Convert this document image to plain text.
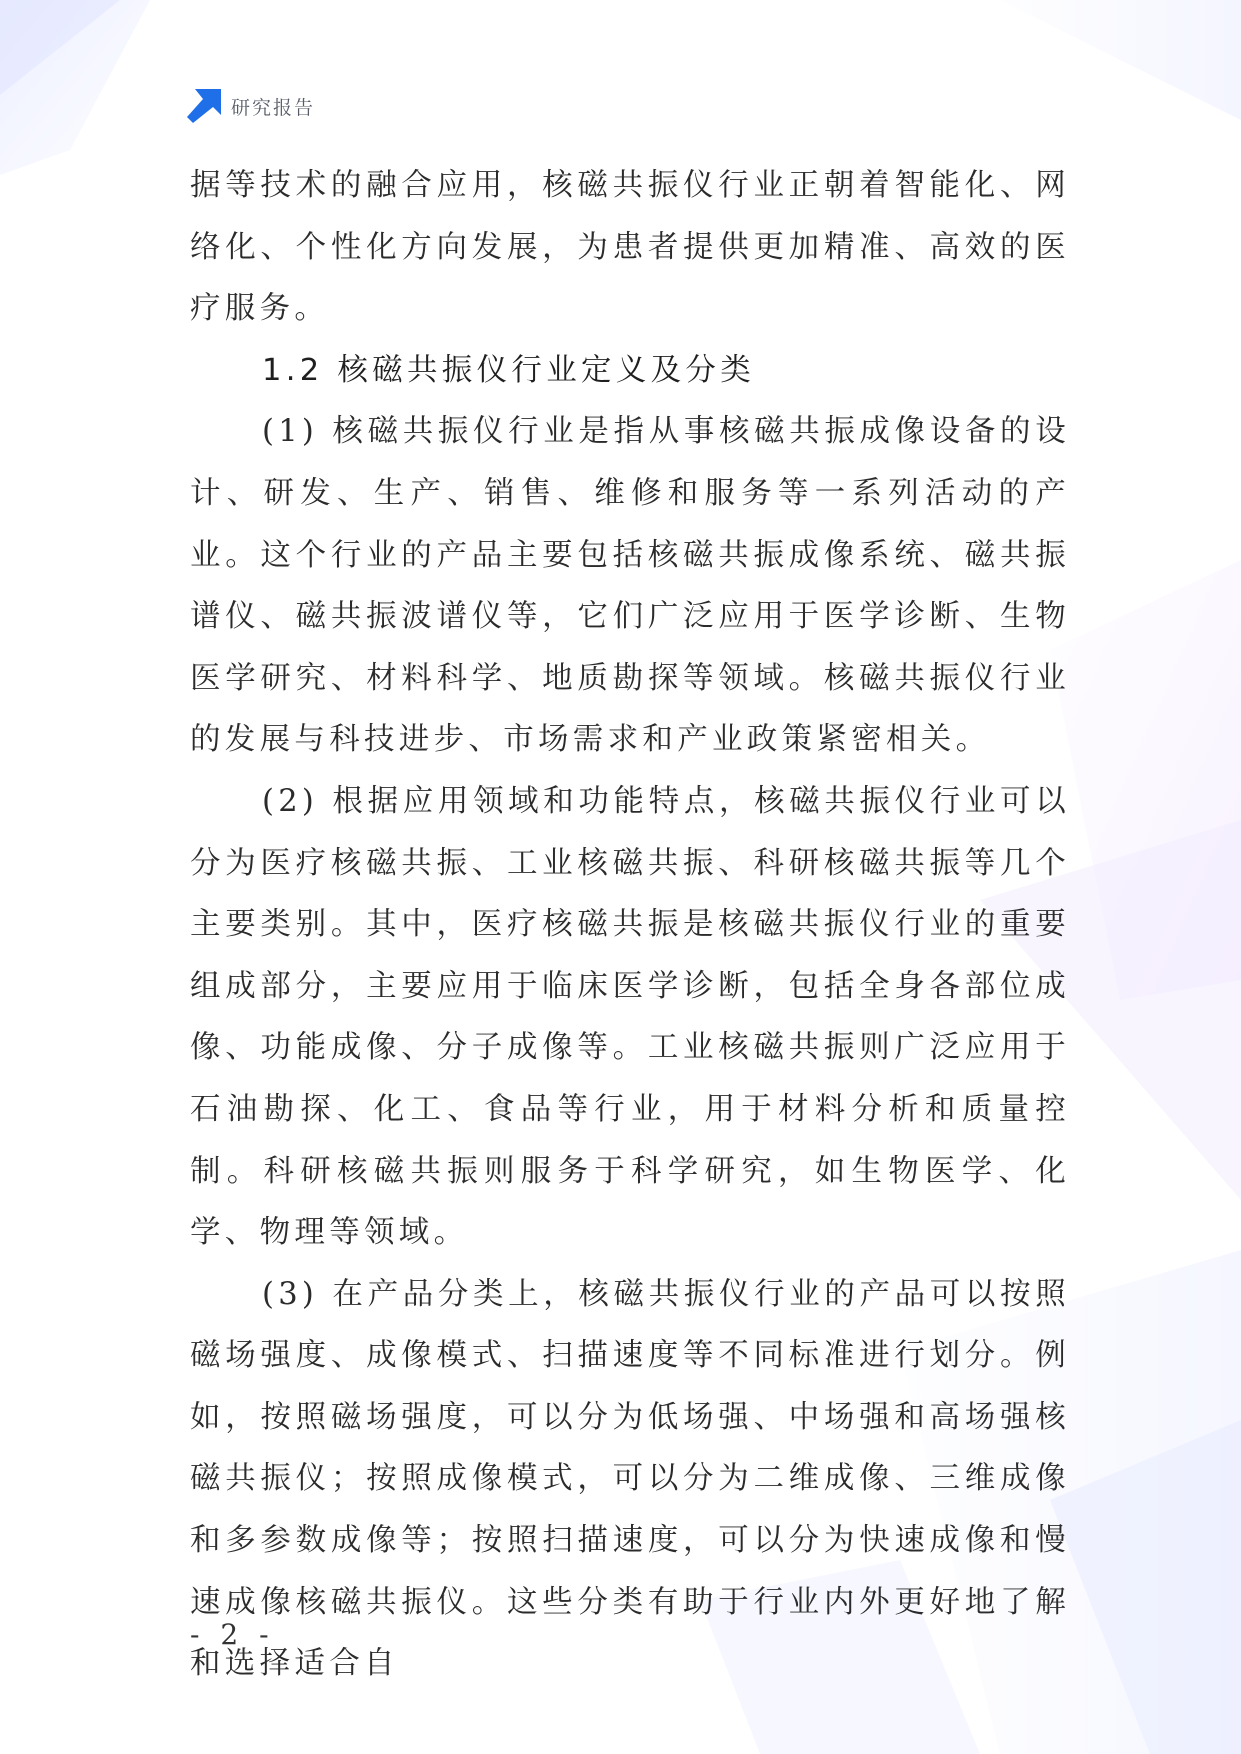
研究报告

据等技术的融合应用，核磁共振仪行业正朝着智能化、网络化、个性化方向发展，为患者提供更加精准、高效的医疗服务。

1.2 核磁共振仪行业定义及分类

(1) 核磁共振仪行业是指从事核磁共振成像设备的设计、研发、生产、销售、维修和服务等一系列活动的产业。这个行业的产品主要包括核磁共振成像系统、磁共振谱仪、磁共振波谱仪等，它们广泛应用于医学诊断、生物医学研究、材料科学、地质勘探等领域。核磁共振仪行业的发展与科技进步、市场需求和产业政策紧密相关。

(2) 根据应用领域和功能特点，核磁共振仪行业可以分为医疗核磁共振、工业核磁共振、科研核磁共振等几个主要类别。其中，医疗核磁共振是核磁共振仪行业的重要组成部分，主要应用于临床医学诊断，包括全身各部位成像、功能成像、分子成像等。工业核磁共振则广泛应用于石油勘探、化工、食品等行业，用于材料分析和质量控制。科研核磁共振则服务于科学研究，如生物医学、化学、物理等领域。

(3) 在产品分类上，核磁共振仪行业的产品可以按照磁场强度、成像模式、扫描速度等不同标准进行划分。例如，按照磁场强度，可以分为低场强、中场强和高场强核磁共振仪；按照成像模式，可以分为二维成像、三维成像和多参数成像等；按照扫描速度，可以分为快速成像和慢速成像核磁共振仪。这些分类有助于行业内外更好地了解和选择适合自

- 2 -
